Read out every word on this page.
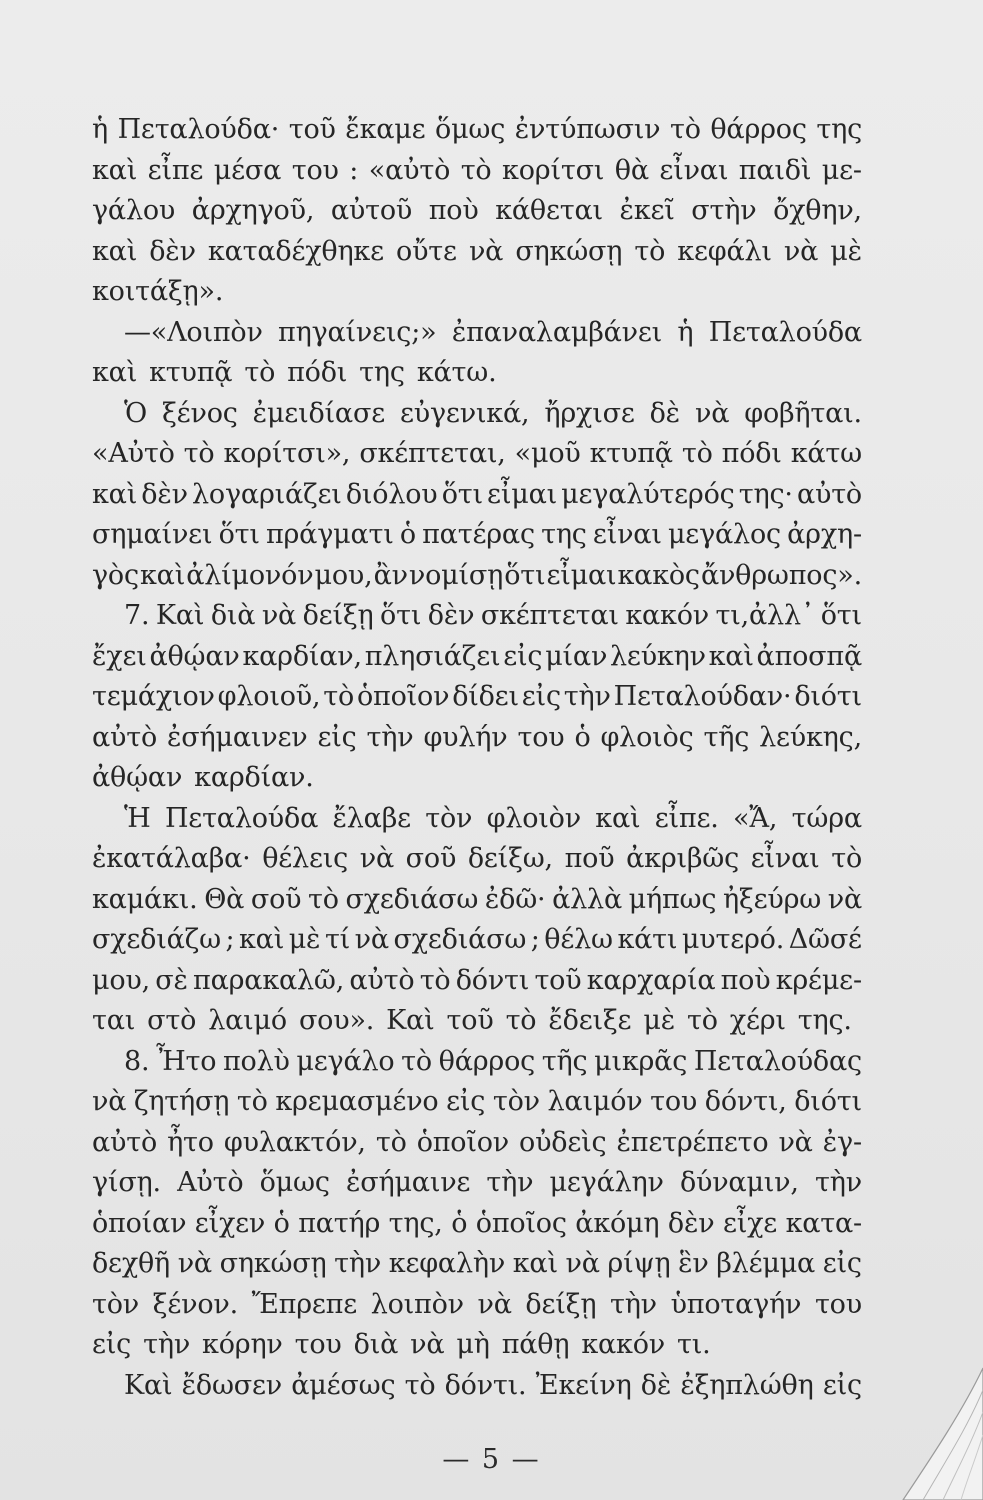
ἡ Πεταλούδα· τοῦ ἔκαμε ὅμως ἐντύπωσιν τὸ θάρρος της
καὶ εἶπε μέσα του : «αὐτὸ τὸ κορίτσι θὰ εἶναι παιδὶ με-
γάλου ἀρχηγοῦ, αὐτοῦ ποὺ κάθεται ἐκεῖ στὴν ὄχθην,
καὶ δὲν καταδέχθηκε οὔτε νὰ σηκώσῃ τὸ κεφάλι νὰ μὲ
κοιτάξῃ».
—«Λοιπὸν πηγαίνεις;» ἐπαναλαμβάνει ἡ Πεταλούδα
καὶ κτυπᾷ τὸ πόδι της κάτω.
Ὁ ξένος ἐμειδίασε εὐγενικά, ἤρχισε δὲ νὰ φοβῆται.
«Αὐτὸ τὸ κορίτσι», σκέπτεται, «μοῦ κτυπᾷ τὸ πόδι κάτω
καὶ δὲν λογαριάζει διόλου ὅτι εἶμαι μεγαλύτερός της· αὐτὸ
σημαίνει ὅτι πράγματι ὁ πατέρας της εἶναι μεγάλος ἀρχη-
γὸς καὶ ἀλίμονόν μου, ἂν νομίσῃ ὅτι εἶμαι κακὸς ἄνθρωπος».
7. Καὶ διὰ νὰ δείξῃ ὅτι δὲν σκέπτεται κακόν τι,ἀλλ᾿ ὅτι
ἔχει ἀθῴαν καρδίαν, πλησιάζει εἰς μίαν λεύκην καὶ ἀποσπᾷ
τεμάχιον φλοιοῦ, τὸ ὁποῖον δίδει εἰς τὴν Πεταλούδαν· διότι
αὐτὸ ἐσήμαινεν εἰς τὴν φυλήν του ὁ φλοιὸς τῆς λεύκης,
ἀθῴαν καρδίαν.
Ἡ Πεταλούδα ἔλαβε τὸν φλοιὸν καὶ εἶπε. «Ἄ, τώρα
ἐκατάλαβα· θέλεις νὰ σοῦ δείξω, ποῦ ἀκριβῶς εἶναι τὸ
καμάκι. Θὰ σοῦ τὸ σχεδιάσω ἐδῶ· ἀλλὰ μήπως ἠξεύρω νὰ
σχεδιάζω ; καὶ μὲ τί νὰ σχεδιάσω ; θέλω κάτι μυτερό. Δῶσέ
μου, σὲ παρακαλῶ, αὐτὸ τὸ δόντι τοῦ καρχαρία ποὺ κρέμε-
ται στὸ λαιμό σου». Καὶ τοῦ τὸ ἔδειξε μὲ τὸ χέρι της.
8. Ἦτο πολὺ μεγάλο τὸ θάρρος τῆς μικρᾶς Πεταλούδας
νὰ ζητήσῃ τὸ κρεμασμένο εἰς τὸν λαιμόν του δόντι, διότι
αὐτὸ ἦτο φυλακτόν, τὸ ὁποῖον οὐδεὶς ἐπετρέπετο νὰ ἐγ-
γίσῃ. Αὐτὸ ὅμως ἐσήμαινε τὴν μεγάλην δύναμιν, τὴν
ὁποίαν εἶχεν ὁ πατήρ της, ὁ ὁποῖος ἀκόμη δὲν εἶχε κατα-
δεχθῆ νὰ σηκώσῃ τὴν κεφαλὴν καὶ νὰ ρίψῃ ἓν βλέμμα εἰς
τὸν ξένον. Ἔπρεπε λοιπὸν νὰ δείξῃ τὴν ὑποταγήν του
εἰς τὴν κόρην του διὰ νὰ μὴ πάθῃ κακόν τι.
Καὶ ἔδωσεν ἀμέσως τὸ δόντι. Ἐκείνη δὲ ἐξηπλώθη εἰς
— 5 —
